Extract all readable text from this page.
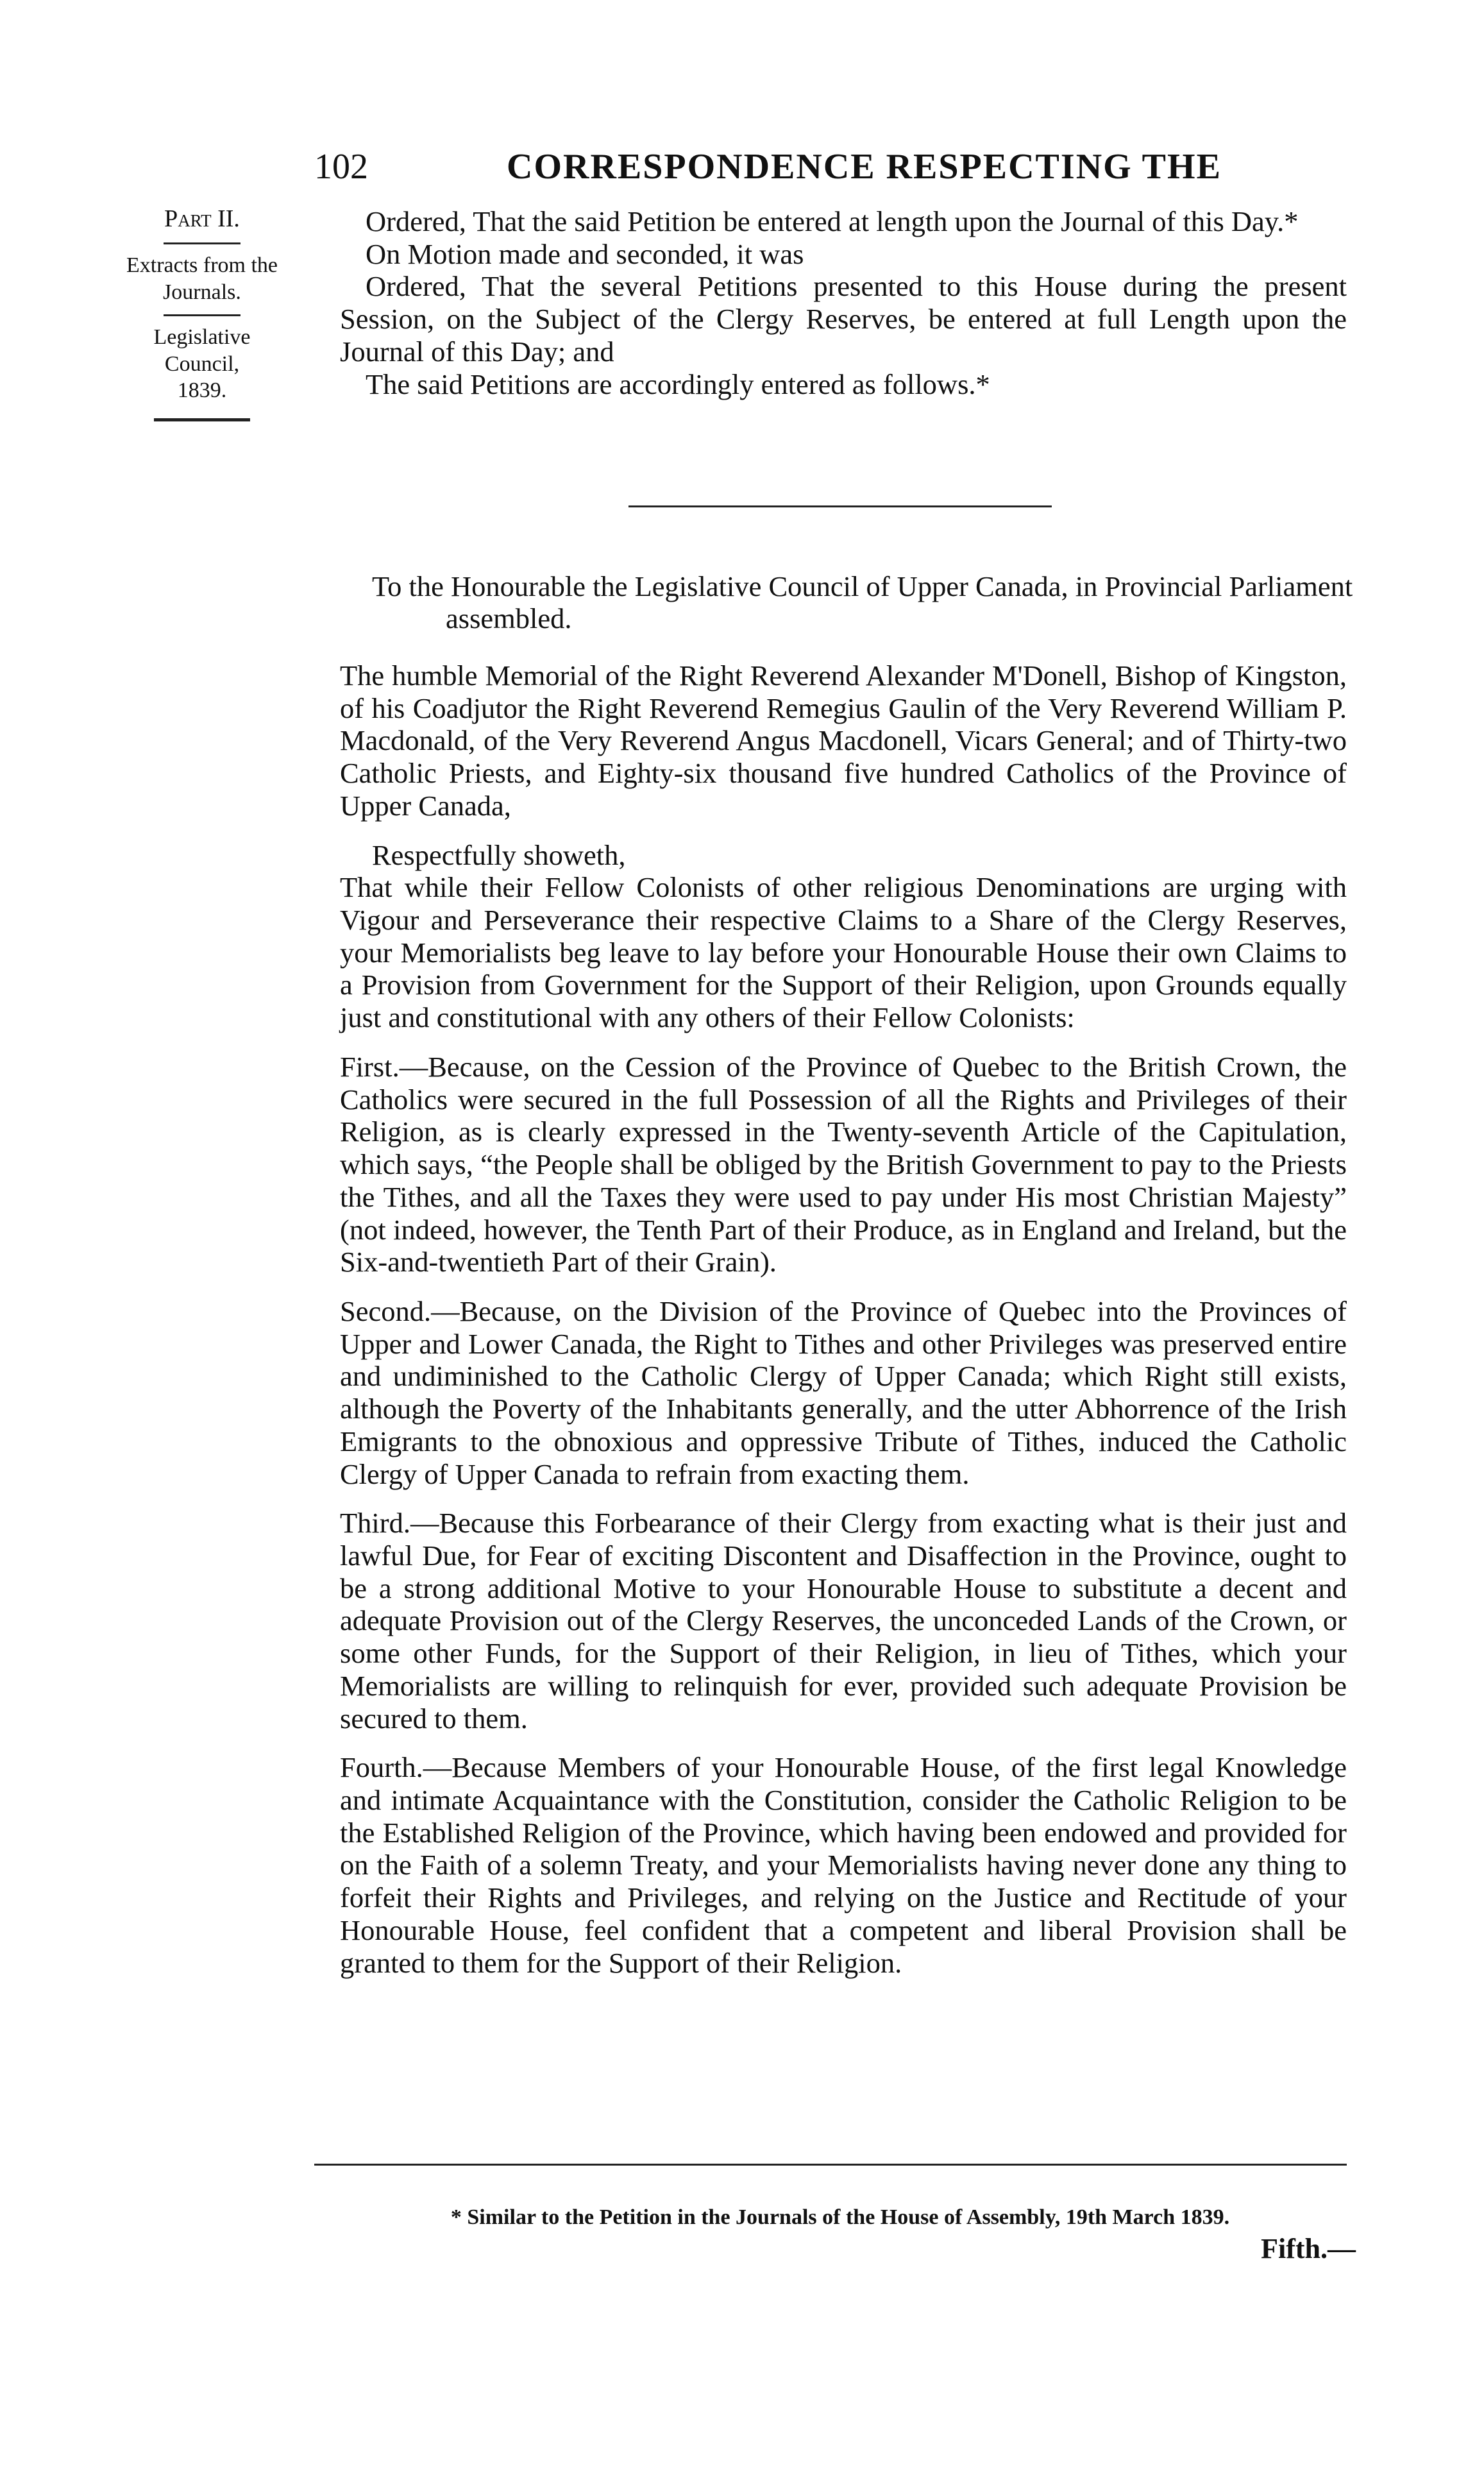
102	CORRESPONDENCE RESPECTING THE

Part II.

Extracts from the Journals.

Legislative Council,

1839.

Ordered, That the said Petition be entered at length upon the Journal of this Day.*

On Motion made and seconded, it was

Ordered, That the several Petitions presented to this House during the present Session, on the Subject of the Clergy Reserves, be entered at full Length upon the Journal of this Day; and

The said Petitions are accordingly entered as follows.*

To the Honourable the Legislative Council of Upper Canada, in Provincial Parliament assembled.

The humble Memorial of the Right Reverend Alexander M'Donell, Bishop of Kingston, of his Coadjutor the Right Reverend Remegius Gaulin of the Very Reverend William P. Macdonald, of the Very Reverend Angus Macdonell, Vicars General; and of Thirty-two Catholic Priests, and Eighty-six thousand five hundred Catholics of the Province of Upper Canada,

Respectfully showeth,

That while their Fellow Colonists of other religious Denominations are urging with Vigour and Perseverance their respective Claims to a Share of the Clergy Reserves, your Memorialists beg leave to lay before your Honourable House their own Claims to a Provision from Government for the Support of their Religion, upon Grounds equally just and constitutional with any others of their Fellow Colonists:

First.—Because, on the Cession of the Province of Quebec to the British Crown, the Catholics were secured in the full Possession of all the Rights and Privileges of their Religion, as is clearly expressed in the Twenty-seventh Article of the Capitulation, which says, “the People shall be obliged by the British Government to pay to the Priests the Tithes, and all the Taxes they were used to pay under His most Christian Majesty” (not indeed, however, the Tenth Part of their Produce, as in England and Ireland, but the Six-and-twentieth Part of their Grain).

Second.—Because, on the Division of the Province of Quebec into the Provinces of Upper and Lower Canada, the Right to Tithes and other Privileges was preserved entire and undiminished to the Catholic Clergy of Upper Canada; which Right still exists, although the Poverty of the Inhabitants generally, and the utter Abhorrence of the Irish Emigrants to the obnoxious and oppressive Tribute of Tithes, induced the Catholic Clergy of Upper Canada to refrain from exacting them.

Third.—Because this Forbearance of their Clergy from exacting what is their just and lawful Due, for Fear of exciting Discontent and Disaffection in the Province, ought to be a strong additional Motive to your Honourable House to substitute a decent and adequate Provision out of the Clergy Reserves, the unconceded Lands of the Crown, or some other Funds, for the Support of their Religion, in lieu of Tithes, which your Memorialists are willing to relinquish for ever, provided such adequate Provision be secured to them.

Fourth.—Because Members of your Honourable House, of the first legal Knowledge and intimate Acquaintance with the Constitution, consider the Catholic Religion to be the Established Religion of the Province, which having been endowed and provided for on the Faith of a solemn Treaty, and your Memorialists having never done any thing to forfeit their Rights and Privileges, and relying on the Justice and Rectitude of your Honourable House, feel confident that a competent and liberal Provision shall be granted to them for the Support of their Religion.

* Similar to the Petition in the Journals of the House of Assembly, 19th March 1839.
Fifth.—
